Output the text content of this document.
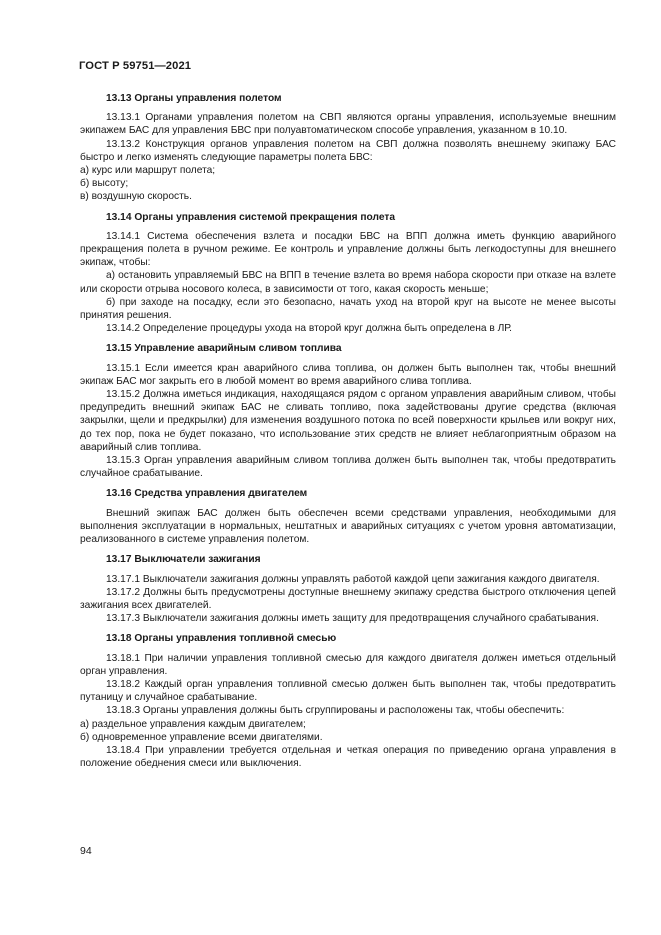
ГОСТ Р 59751—2021
13.13 Органы управления полетом

13.13.1 Органами управления полетом на СВП являются органы управления, используемые внешним экипажем БАС для управления БВС при полуавтоматическом способе управления, указанном в 10.10.

13.13.2 Конструкция органов управления полетом на СВП должна позволять внешнему экипажу БАС быстро и легко изменять следующие параметры полета БВС:

а) курс или маршрут полета;

б) высоту;

в) воздушную скорость.

13.14 Органы управления системой прекращения полета

13.14.1 Система обеспечения взлета и посадки БВС на ВПП должна иметь функцию аварийного прекращения полета в ручном режиме. Ее контроль и управление должны быть легкодоступны для внешнего экипаж, чтобы:

а) остановить управляемый БВС на ВПП в течение взлета во время набора скорости при отказе на взлете или скорости отрыва носового колеса, в зависимости от того, какая скорость меньше;

б) при заходе на посадку, если это безопасно, начать уход на второй круг на высоте не менее высоты принятия решения.

13.14.2 Определение процедуры ухода на второй круг должна быть определена в ЛР.

13.15 Управление аварийным сливом топлива

13.15.1 Если имеется кран аварийного слива топлива, он должен быть выполнен так, чтобы внешний экипаж БАС мог закрыть его в любой момент во время аварийного слива топлива.

13.15.2 Должна иметься индикация, находящаяся рядом с органом управления аварийным сливом, чтобы предупредить внешний экипаж БАС не сливать топливо, пока задействованы другие средства (включая закрылки, щели и предкрылки) для изменения воздушного потока по всей поверхности крыльев или вокруг них, до тех пор, пока не будет показано, что использование этих средств не влияет неблагоприятным образом на аварийный слив топлива.

13.15.3 Орган управления аварийным сливом топлива должен быть выполнен так, чтобы предотвратить случайное срабатывание.

13.16 Средства управления двигателем

Внешний экипаж БАС должен быть обеспечен всеми средствами управления, необходимыми для выполнения эксплуатации в нормальных, нештатных и аварийных ситуациях с учетом уровня автоматизации, реализованного в системе управления полетом.

13.17 Выключатели зажигания

13.17.1 Выключатели зажигания должны управлять работой каждой цепи зажигания каждого двигателя.

13.17.2 Должны быть предусмотрены доступные внешнему экипажу средства быстрого отключения цепей зажигания всех двигателей.

13.17.3 Выключатели зажигания должны иметь защиту для предотвращения случайного срабатывания.

13.18 Органы управления топливной смесью

13.18.1 При наличии управления топливной смесью для каждого двигателя должен иметься отдельный орган управления.

13.18.2 Каждый орган управления топливной смесью должен быть выполнен так, чтобы предотвратить путаницу и случайное срабатывание.

13.18.3 Органы управления должны быть сгруппированы и расположены так, чтобы обеспечить:

а) раздельное управления каждым двигателем;

б) одновременное управление всеми двигателями.

13.18.4 При управлении требуется отдельная и четкая операция по приведению органа управления в положение обеднения смеси или выключения.

94
